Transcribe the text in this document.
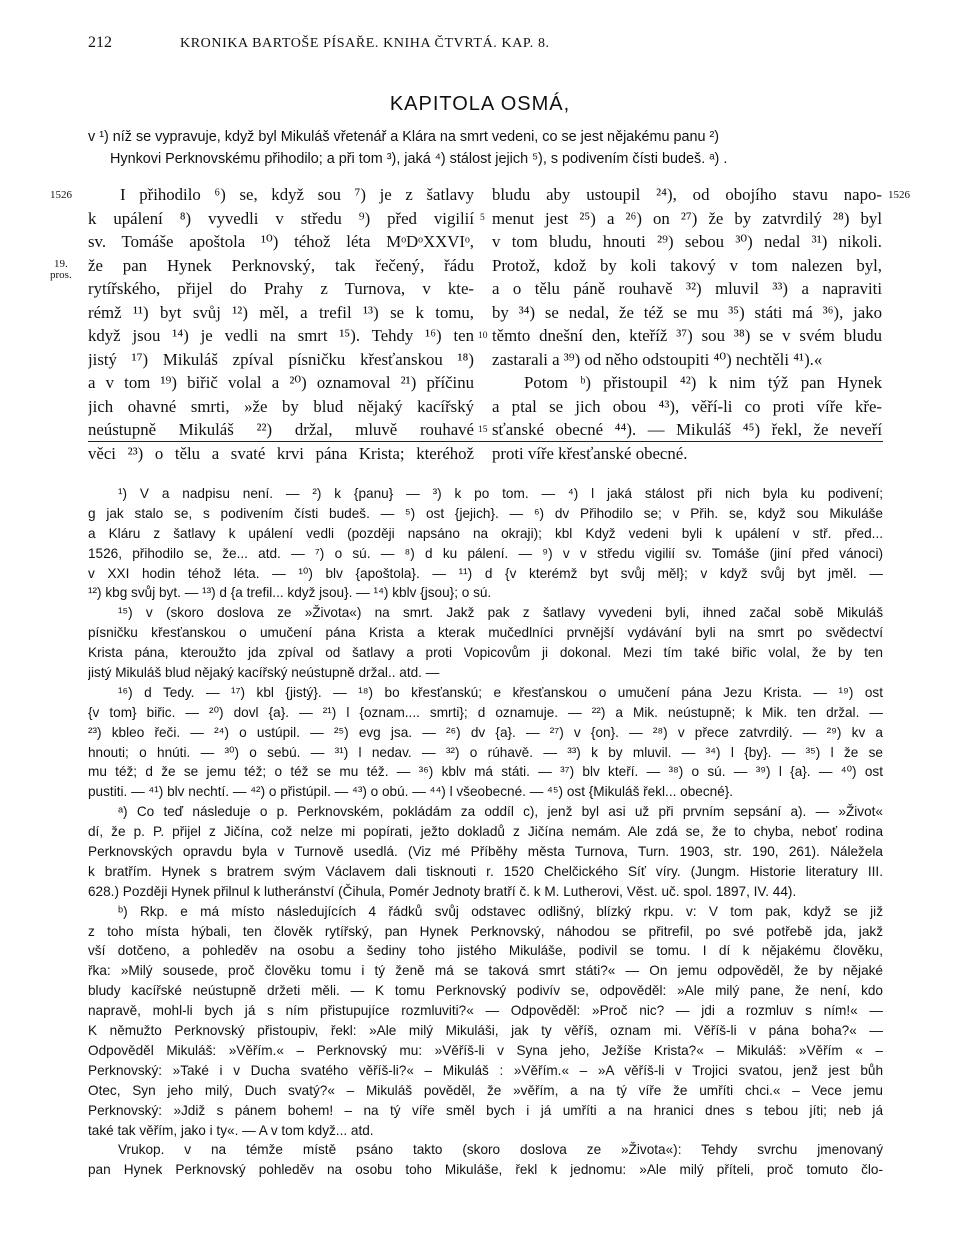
212	KRONIKA BARTOŠE PÍSAŘE. KNIHA ČTVRTÁ. KAP. 8.
KAPITOLA OSMÁ,
v ¹) níž se vypravuje, když byl Mikuláš vřetenář a Klára na smrt vedeni, co se jest nějakému panu ²)
Hynkovi Perknovskému přihodilo; a při tom ³), jaká ⁴) stálost jejich ⁵), s podivením čísti budeš. ᵃ) .
1526	1526
19.
pros.
5
10
15
I přihodilo ⁶) se, když sou ⁷) je z šatlavy
k upálení ⁸) vyvedli v středu ⁹) před vigilií
sv. Tomáše apoštola ¹⁰) téhož léta MᵒDᵒXXVIᵒ,
že pan Hynek Perknovský, tak řečený, řádu
rytířského, přijel do Prahy z Turnova, v kte-
rémž ¹¹) byt svůj ¹²) měl, a trefil ¹³) se k tomu,
když jsou ¹⁴) je vedli na smrt ¹⁵). Tehdy ¹⁶) ten
jistý ¹⁷) Mikuláš zpíval písničku křesťanskou ¹⁸)
a v tom ¹⁹) biřič volal a ²⁰) oznamoval ²¹) příčinu
jich ohavné smrti, »že by blud nějaký kacířský
neústupně Mikuláš ²²) držal, mluvě rouhavé
věci ²³) o tělu a svaté krvi pána Krista; kteréhož
bludu aby ustoupil ²⁴), od obojího stavu napo-
menut jest ²⁵) a ²⁶) on ²⁷) že by zatvrdilý ²⁸) byl
v tom bludu, hnouti ²⁹) sebou ³⁰) nedal ³¹) nikoli.
Protož, kdož by koli takový v tom nalezen byl,
a o tělu páně rouhavě ³²) mluvil ³³) a napraviti
by ³⁴) se nedal, že též se mu ³⁵) státi má ³⁶), jako
těmto dnešní den, kteříž ³⁷) sou ³⁸) se v svém bludu
zastarali a ³⁹) od něho odstoupiti ⁴⁰) nechtěli ⁴¹).«
Potom ᵇ) přistoupil ⁴²) k nim týž pan Hynek
a ptal se jich obou ⁴³), věří-li co proti víře kře-
sťanské obecné ⁴⁴). — Mikuláš ⁴⁵) řekl, že neveří
proti víře křesťanské obecné.
¹) V a nadpisu není. — ²) k {panu} — ³) k po tom. — ⁴) l jaká stálost při nich byla ku podivení;
g jak stalo se, s podivením čísti budeš. — ⁵) ost {jejich}. — ⁶) dv Přihodilo se; v Přih. se, když sou Mikuláše
a Kláru z šatlavy k upálení vedli (později napsáno na okraji); kbl Když vedeni byli k upálení v stř. před...
1526, přihodilo se, že... atd. — ⁷) o sú. — ⁸) d ku pálení. — ⁹) v v středu vigilií sv. Tomáše (jiní před vánoci)
v XXI hodin téhož léta. — ¹⁰) blv {apoštola}. — ¹¹) d {v kterémž byt svůj měl}; v když svůj byt jměl. —
¹²) kbg svůj byt. — ¹³) d {a trefil... když jsou}. — ¹⁴) kblv {jsou}; o sú.
¹⁵) v (skoro doslova ze »Života«) na smrt. Jakž pak z šatlavy vyvedeni byli, ihned začal sobě Mikuláš
písničku křesťanskou o umučení pána Krista a kterak mučedlníci prvnější vydávání byli na smrt po svědectví
Krista pána, kteroužto jda zpíval od šatlavy a proti Vopicovům ji dokonal. Mezi tím také biřic volal, že by ten
jistý Mikuláš blud nějaký kacířský neústupně držal.. atd. —
¹⁶) d Tedy. — ¹⁷) kbl {jistý}. — ¹⁸) bo křesťanskú; e křesťanskou o umučení pána Jezu Krista. — ¹⁹) ost
{v tom} biřic. — ²⁰) dovl {a}. — ²¹) l {oznam.... smrti}; d oznamuje. — ²²) a Mik. neústupně; k Mik. ten držal. —
²³) kbleo řeči. — ²⁴) o ustúpil. — ²⁵) evg jsa. — ²⁶) dv {a}. — ²⁷) v {on}. — ²⁸) v přece zatvrdilý. — ²⁹) kv a
hnouti; o hnúti. — ³⁰) o sebú. — ³¹) l nedav. — ³²) o rúhavě. — ³³) k by mluvil. — ³⁴) l {by}. — ³⁵) l že se
mu též; d že se jemu též; o též se mu též. — ³⁶) kblv má státi. — ³⁷) blv kteří. — ³⁸) o sú. — ³⁹) l {a}. — ⁴⁰) ost
pustiti. — ⁴¹) blv nechtí. — ⁴²) o přistúpil. — ⁴³) o obú. — ⁴⁴) l všeobecné. — ⁴⁵) ost {Mikuláš řekl... obecné}.
ᵃ) Co teď následuje o p. Perknovském, pokládám za oddíl c), jenž byl asi už při prvním sepsání a). — »Život«
dí, že p. P. přijel z Jičína, což nelze mi popírati, ježto dokladů z Jičína nemám. Ale zdá se, že to chyba, neboť rodina
Perknovských opravdu byla v Turnově usedlá. (Viz mé Příběhy města Turnova, Turn. 1903, str. 190, 261). Náležela
k bratřím. Hynek s bratrem svým Václavem dali tisknouti r. 1520 Chelčického Síť víry. (Jungm. Historie literatury III.
628.) Později Hynek přilnul k lutheránství (Čihula, Pomér Jednoty bratří č. k M. Lutherovi, Věst. uč. spol. 1897, IV. 44).
ᵇ) Rkp. e má místo následujících 4 řádků svůj odstavec odlišný, blízký rkpu. v: V tom pak, když se již
z toho místa hýbali, ten člověk rytířský, pan Hynek Perknovský, náhodou se přitrefil, po své potřebě jda, jakž
vší dotčeno, a pohleděv na osobu a šediny toho jistého Mikuláše, podivil se tomu. I dí k nějakému člověku,
řka: »Milý sousede, proč člověku tomu i tý ženě má se taková smrt státi?« — On jemu odpověděl, že by nějaké
bludy kacířské neústupně držeti měli. — K tomu Perknovský podivív se, odpověděl: »Ale milý pane, že není, kdo
napravě, mohl-li bych já s ním přistupujíce rozmluviti?« — Odpověděl: »Proč nic? — jdi a rozmluv s ním!« —
K němužto Perknovský přistoupiv, řekl: »Ale milý Mikuláši, jak ty věříš, oznam mi. Věříš-li v pána boha?« —
Odpověděl Mikuláš: »Věřím.« – Perknovský mu: »Věříš-li v Syna jeho, Ježíše Krista?« – Mikuláš: »Věřím « –
Perknovský: »Také i v Ducha svatého věříš-li?« – Mikuláš : »Věřím.« – »A věříš-li v Trojici svatou, jenž jest bůh
Otec, Syn jeho milý, Duch svatý?« – Mikuláš pověděl, že »věřím, a na tý víře že umříti chci.« – Vece jemu
Perknovský: »Jdiž s pánem bohem! – na tý víře směl bych i já umříti a na hranici dnes s tebou jíti; neb já
také tak věřím, jako i ty«. — A v tom když... atd.
Vrukop. v na témže místě psáno takto (skoro doslova ze »Života«): Tehdy svrchu jmenovaný
pan Hynek Perknovský pohleděv na osobu toho Mikuláše, řekl k jednomu: »Ale milý příteli, proč tomuto člo-
